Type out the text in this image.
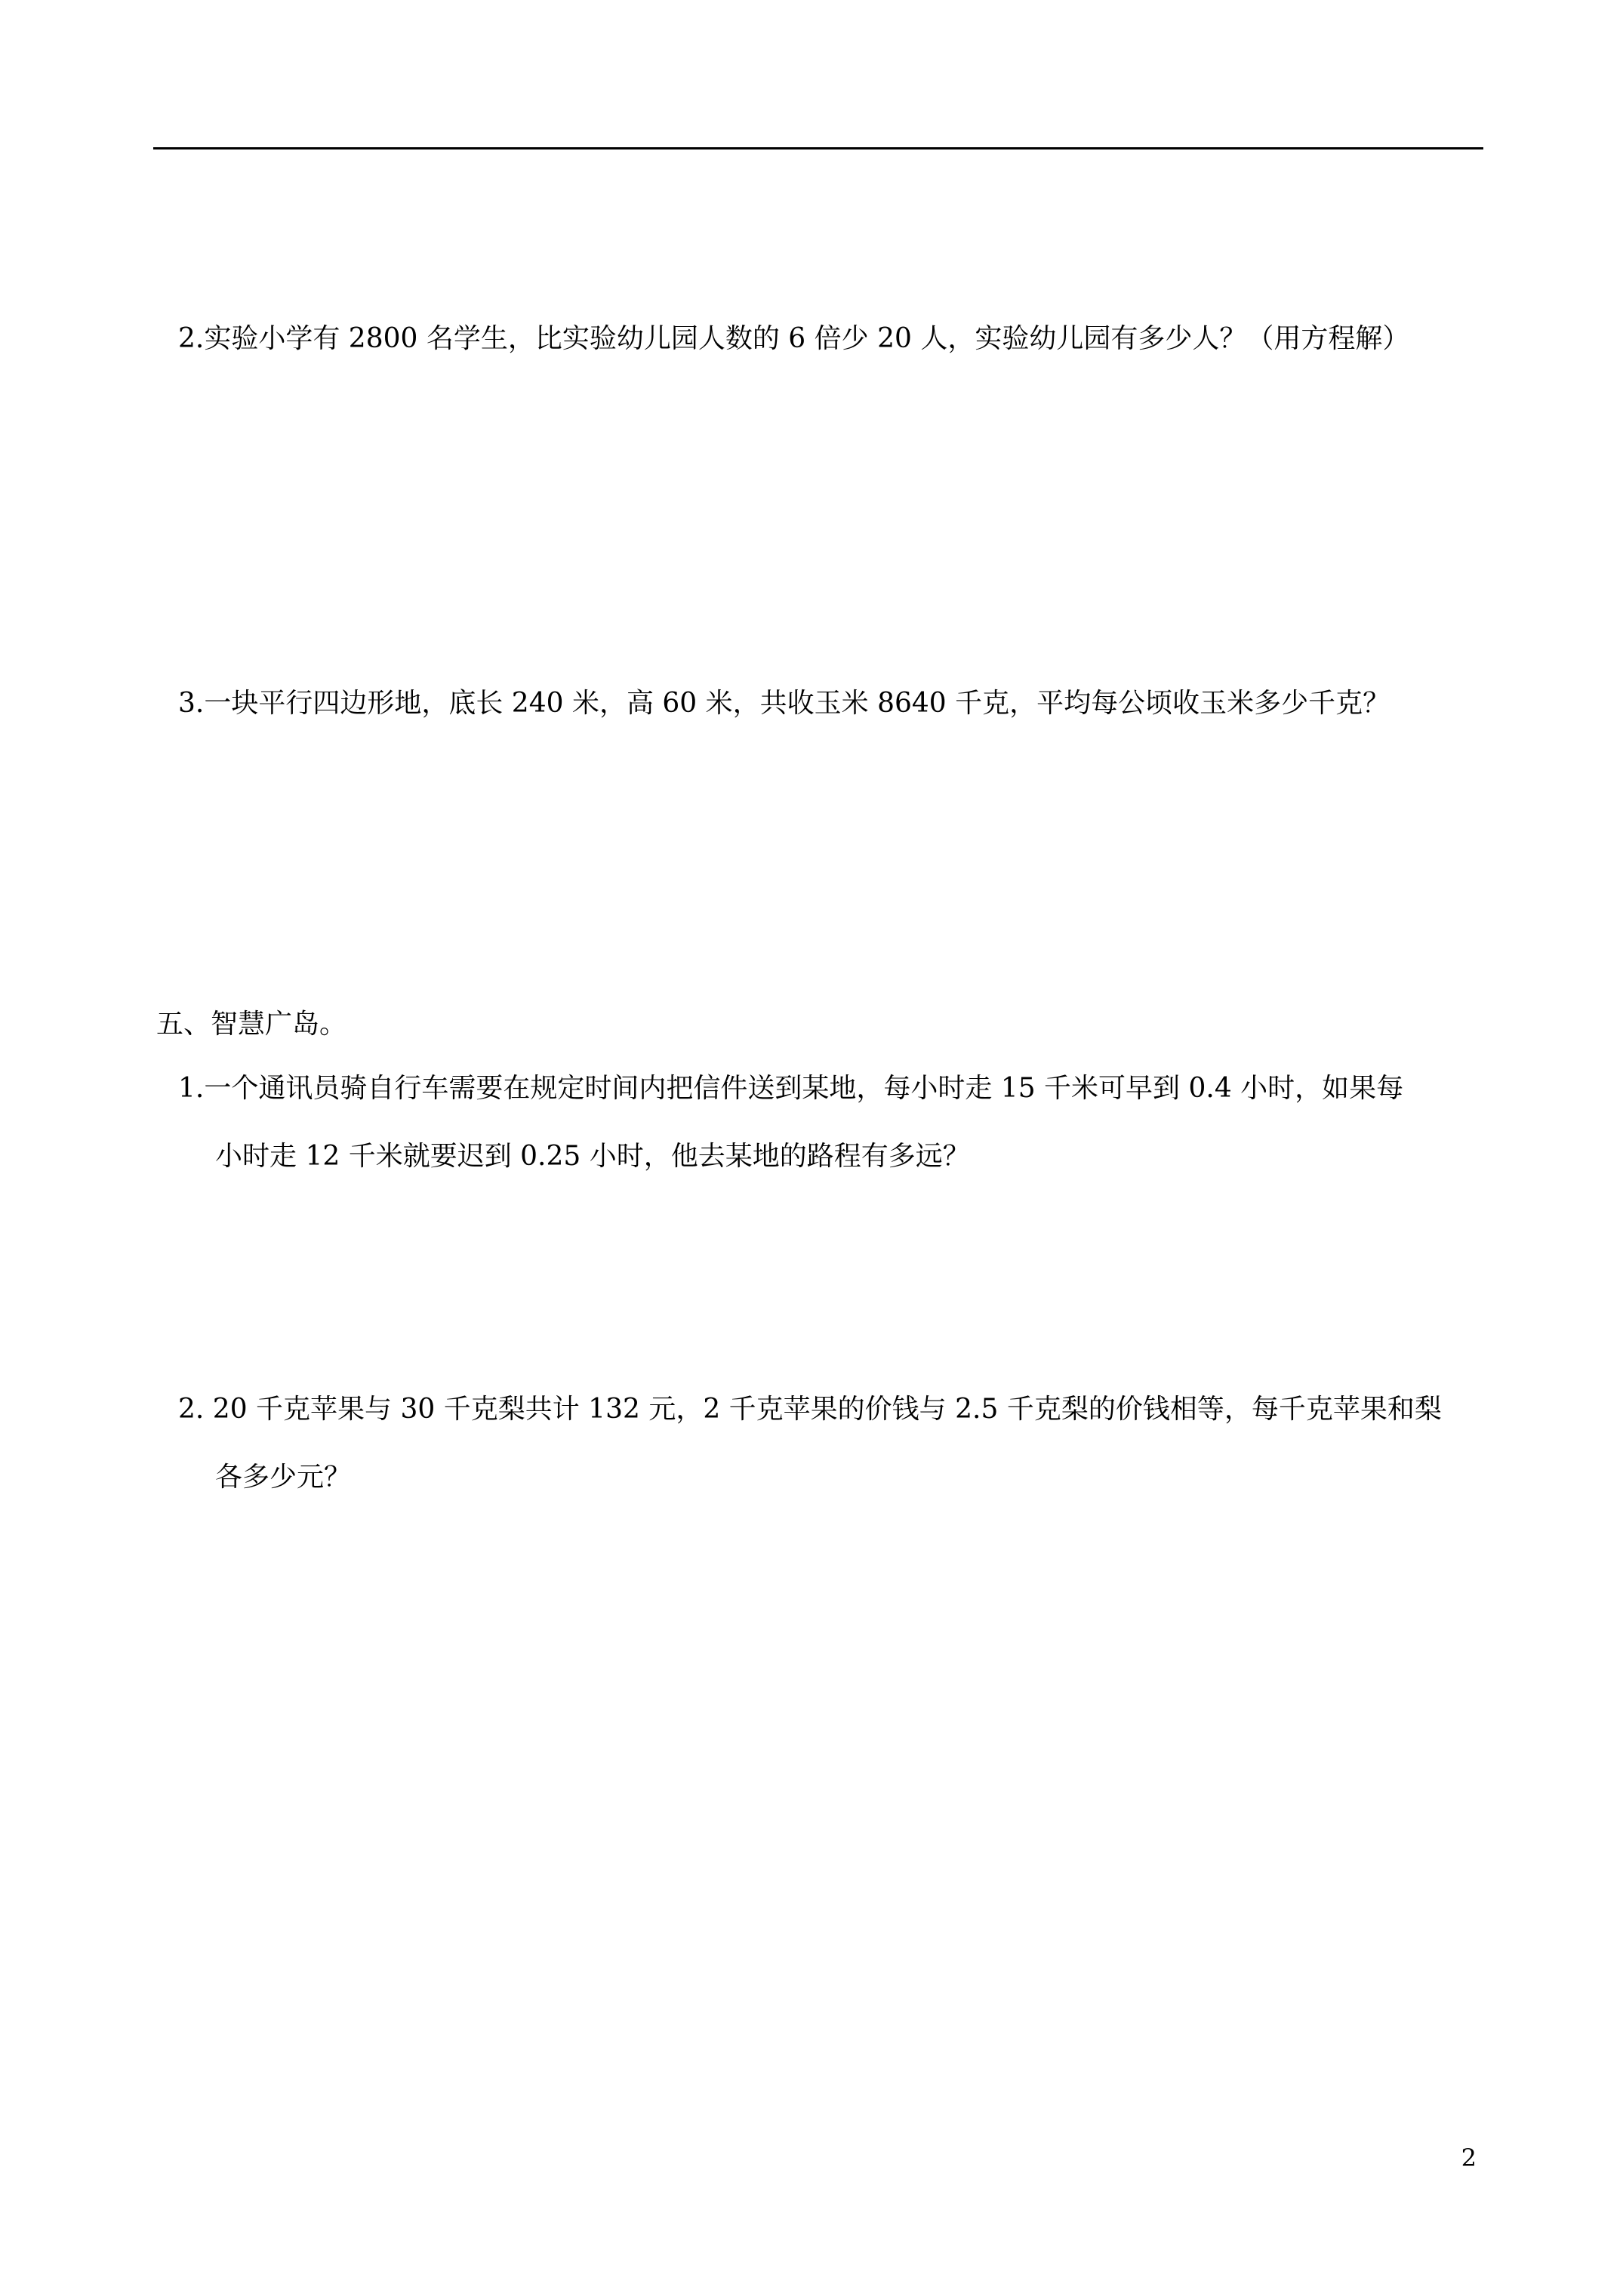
2.实验小学有 2800 名学生，比实验幼儿园人数的 6 倍少 20 人，实验幼儿园有多少人？（用方程解）
3.一块平行四边形地，底长 240 米，高 60 米，共收玉米 8640 千克，平均每公顷收玉米多少千克？
五、智慧广岛。
1.一个通讯员骑自行车需要在规定时间内把信件送到某地，每小时走 15 千米可早到 0.4 小时，如果每
小时走 12 千米就要迟到 0.25 小时，他去某地的路程有多远？
2. 20 千克苹果与 30 千克梨共计 132 元，2 千克苹果的价钱与 2.5 千克梨的价钱相等，每千克苹果和梨
各多少元？
2
